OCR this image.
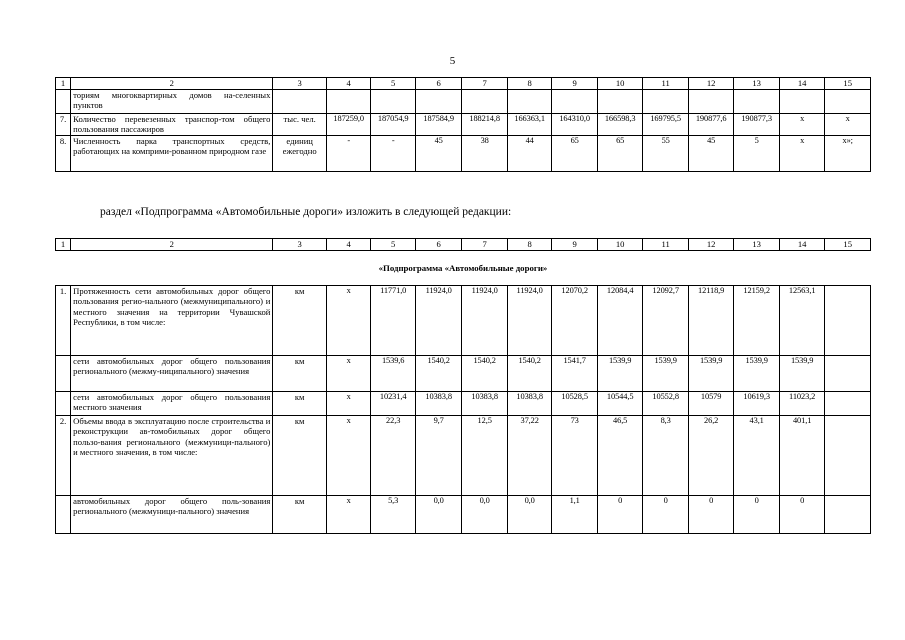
5
1	2	3	4	5	6	7	8	9	10	11	12	13	14	15
	ториям многоквартирных домов на-селенных пунктов													
7.	Количество перевезенных транспор-том общего пользования пассажиров	тыс. чел.	187259,0	187054,9	187584,9	188214,8	166363,1	164310,0	166598,3	169795,5	190877,6	190877,3	х	х
8.	Численность парка транспортных средств, работающих на комприми-рованном природном газе	единиц ежегодно	-	-	45	38	44	65	65	55	45	5	х	х»;
раздел «Подпрограмма «Автомобильные дороги» изложить в следующей редакции:
1	2	3	4	5	6	7	8	9	10	11	12	13	14	15
«Подпрограмма «Автомобильные дороги»														
1.	Протяженность сети автомобильных дорог общего пользования регио-нального (межмуниципального) и местного значения на территории Чувашской Республики, в том числе:	км	х	11771,0	11924,0	11924,0	11924,0	12070,2	12084,4	12092,7	12118,9	12159,2	12563,1	
	сети автомобильных дорог общего пользования регионального (межму-ниципального) значения	км	х	1539,6	1540,2	1540,2	1540,2	1541,7	1539,9	1539,9	1539,9	1539,9	1539,9	
	сети автомобильных дорог общего пользования местного значения	км	х	10231,4	10383,8	10383,8	10383,8	10528,5	10544,5	10552,8	10579	10619,3	11023,2	
2.	Объемы ввода в эксплуатацию после строительства и реконструкции ав-томобильных дорог общего пользо-вания регионального (межмуници-пального) и местного значения, в том числе:	км	х	22,3	9,7	12,5	37,22	73	46,5	8,3	26,2	43,1	401,1	
	автомобильных дорог общего поль-зования регионального (межмуници-пального) значения	км	х	5,3	0,0	0,0	0,0	1,1	0	0	0	0	0	
